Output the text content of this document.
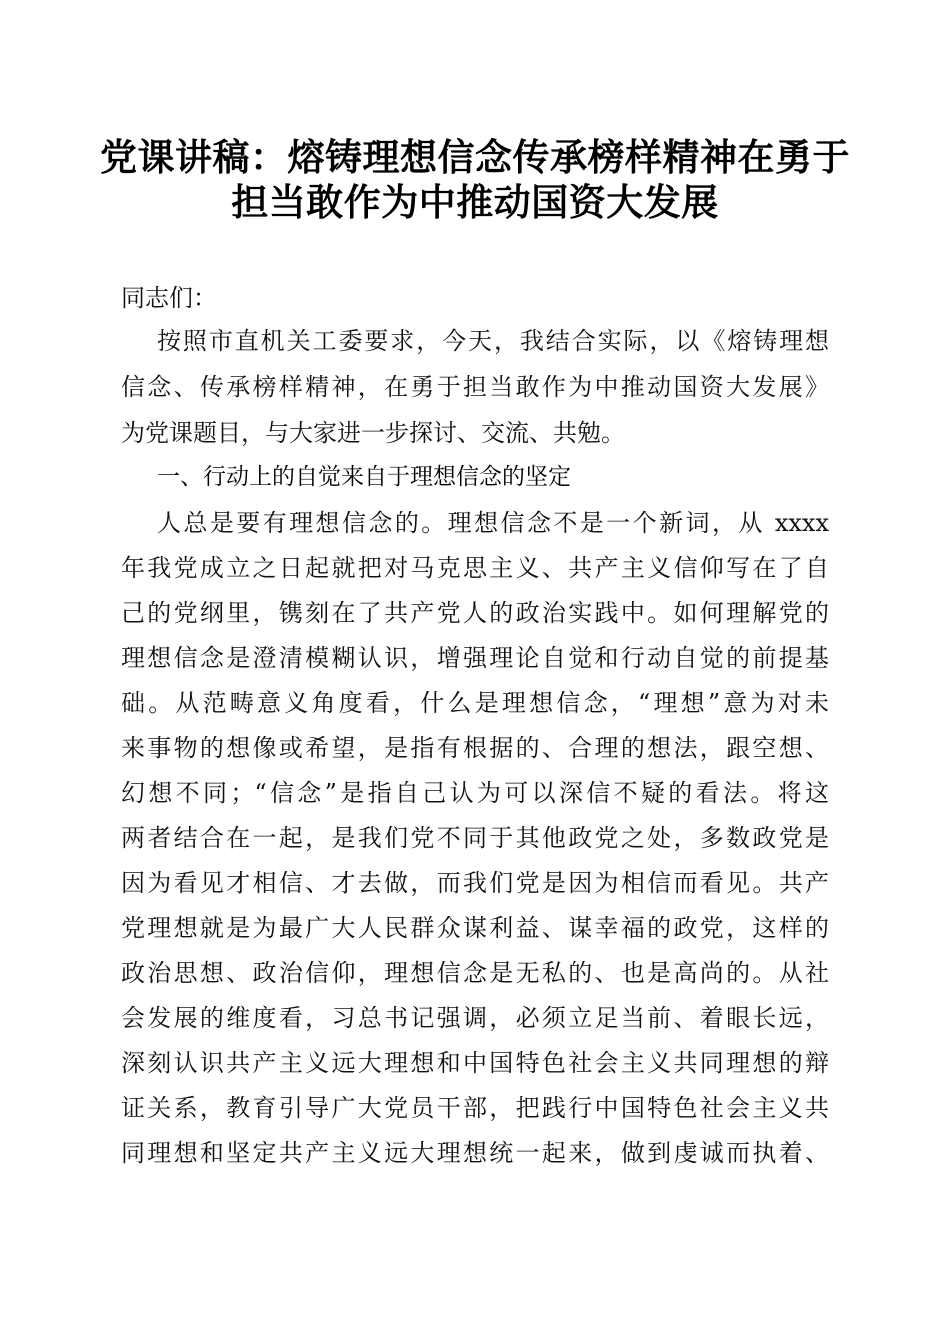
党课讲稿：熔铸理想信念传承榜样精神在勇于
担当敢作为中推动国资大发展
同志们：
按照市直机关工委要求，今天，我结合实际，以《熔铸理想
信念、传承榜样精神，在勇于担当敢作为中推动国资大发展》
为党课题目，与大家进一步探讨、交流、共勉。
一、行动上的自觉来自于理想信念的坚定
人总是要有理想信念的。理想信念不是一个新词，从 xxxx
年我党成立之日起就把对马克思主义、共产主义信仰写在了自
己的党纲里，镌刻在了共产党人的政治实践中。如何理解党的
理想信念是澄清模糊认识，增强理论自觉和行动自觉的前提基
础。从范畴意义角度看，什么是理想信念，“理想”意为对未
来事物的想像或希望，是指有根据的、合理的想法，跟空想、
幻想不同；“信念”是指自己认为可以深信不疑的看法。将这
两者结合在一起，是我们党不同于其他政党之处，多数政党是
因为看见才相信、才去做，而我们党是因为相信而看见。共产
党理想就是为最广大人民群众谋利益、谋幸福的政党，这样的
政治思想、政治信仰，理想信念是无私的、也是高尚的。从社
会发展的维度看，习总书记强调，必须立足当前、着眼长远，
深刻认识共产主义远大理想和中国特色社会主义共同理想的辩
证关系，教育引导广大党员干部，把践行中国特色社会主义共
同理想和坚定共产主义远大理想统一起来，做到虔诚而执着、
